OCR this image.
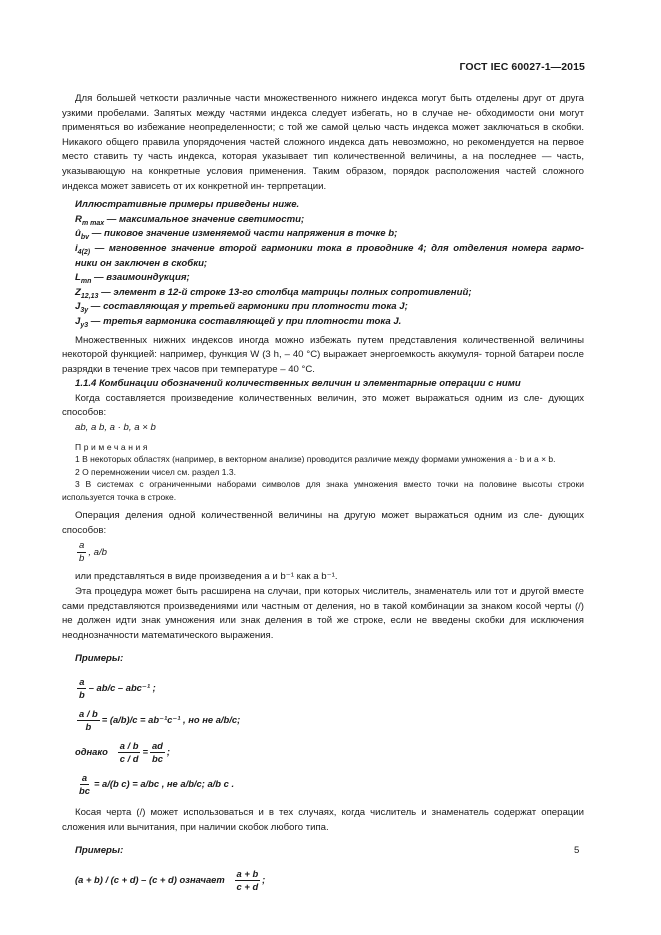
ГОСТ IEC 60027-1—2015

Для большей четкости различные части множественного нижнего индекса могут быть отделены друг от друга узкими пробелами. Запятых между частями индекса следует избегать, но в случае не- обходимости они могут применяться во избежание неопределенности; с той же самой целью часть индекса может заключаться в скобки. Никакого общего правила упорядочения частей сложного индекса дать невозможно, но рекомендуется на первое место ставить ту часть индекса, которая указывает тип количественной величины, а на последнее — часть, указывающую на конкретные условия применения. Таким образом, порядок расположения частей сложного индекса может зависеть от их конкретной ин- терпретации.

Иллюстративные примеры приведены ниже.

$R_{m max}$ — максимальное значение светимости;

$û_{bv}$ — пиковое значение изменяемой части напряжения в точке b;

$i_{4(2)}$ — мгновенное значение второй гармоники тока в проводнике 4; для отделения номера гармо- ники он заключен в скобки;

$L_{mn}$ — взаимоиндукция;

$Z_{12,13}$ — элемент в 12-й строке 13-го столбца матрицы полных сопротивлений;

$J_{3y}$ — составляющая у третьей гармоники при плотности тока J;

$J_{y3}$ — третья гармоника составляющей у при плотности тока J.

Множественных нижних индексов иногда можно избежать путем представления количественной величины некоторой функцией: например, функция W (3 h, – 40 °C) выражает энергоемкость аккумуля- торной батареи после разрядки в течение трех часов при температуре – 40 °C.

1.1.4 Комбинации обозначений количественных величин и элементарные операции с ними

Когда составляется произведение количественных величин, это может выражаться одним из сле- дующих способов:

ab, a b, a · b, a × b

Примечания

1 В некоторых областях (например, в векторном анализе) проводится различие между формами умножения a · b и a × b.

2 О перемножении чисел см. раздел 1.3.

3 В системах с ограниченными наборами символов для знака умножения вместо точки на половине высоты строки используется точка в строке.

Операция деления одной количественной величины на другую может выражаться одним из сле- дующих способов:

$\frac{a}{b}$ , a/b

или представляться в виде произведения a и b⁻¹ как a b⁻¹.

Эта процедура может быть расширена на случаи, при которых числитель, знаменатель или тот и другой вместе сами представляются произведениями или частным от деления, но в такой комбинации за знаком косой черты (/) не должен идти знак умножения или знак деления в той же строке, если не введены скобки для исключения неоднозначности математического выражения.

Примеры:

$\frac{a}{b} - ab/c - abc^{-1}$ ;
$\frac{a / b}{b} = (a/b)/c = ab^{-1}c^{-1}$ , но не a/b/c;
однако
$\frac{a / b}{c / d} = \frac{ad}{bc}$ ;
$\frac{a}{bc} = a/(b$ c) = a/bc , не a/b/c; a/b c .

Косая черта (/) может использоваться и в тех случаях, когда числитель и знаменатель содержат операции сложения или вычитания, при наличии скобок любого типа.

Примеры:

(a + b) / (c + d) – (c + d) означает
$\frac{a + b}{c + d}$ ;
5
